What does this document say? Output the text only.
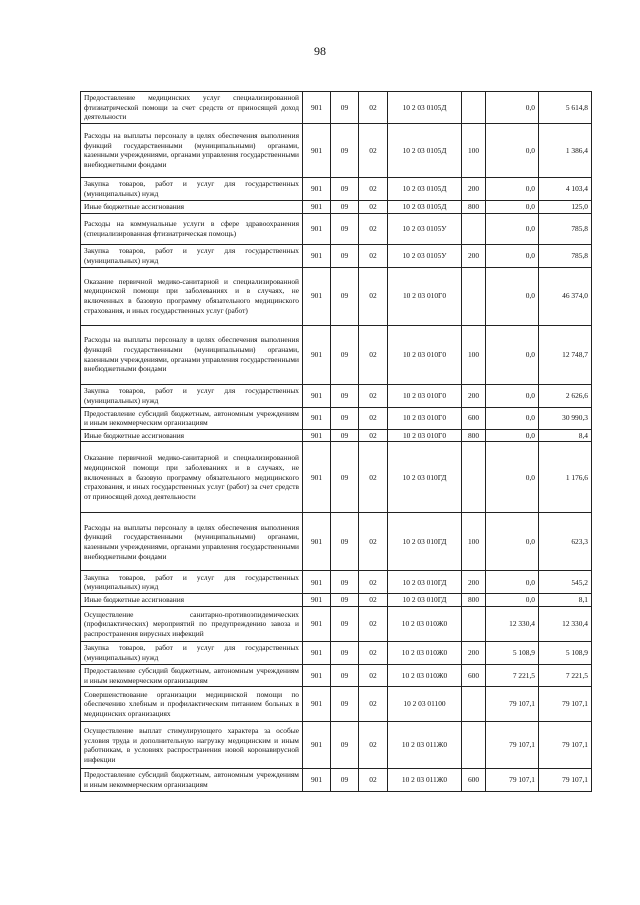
98
Предоставление медицинских услуг специализированной фтизиатрической помощи за счет средств от приносящей доход деятельности	901	09	02	10 2 03 0105Д		0,0	5 614,8
Расходы на выплаты персоналу в целях обеспечения выполнения функций государственными (муниципальными) органами, казенными учреждениями, органами управления государственными внебюджетными фондами	901	09	02	10 2 03 0105Д	100	0,0	1 386,4
Закупка товаров, работ и услуг для государственных (муниципальных) нужд	901	09	02	10 2 03 0105Д	200	0,0	4 103,4
Иные бюджетные ассигнования	901	09	02	10 2 03 0105Д	800	0,0	125,0
Расходы на коммунальные услуги в сфере здравоохранения (специализированная фтизиатрическая помощь)	901	09	02	10 2 03 0105У		0,0	785,8
Закупка товаров, работ и услуг для государственных (муниципальных) нужд	901	09	02	10 2 03 0105У	200	0,0	785,8
Оказание первичной медико-санитарной и специализированной медицинской помощи при заболеваниях и в случаях, не включенных в базовую программу обязательного медицинского страхования, и иных государственных услуг (работ)	901	09	02	10 2 03 010Г0		0,0	46 374,0
Расходы на выплаты персоналу в целях обеспечения выполнения функций государственными (муниципальными) органами, казенными учреждениями, органами управления государственными внебюджетными фондами	901	09	02	10 2 03 010Г0	100	0,0	12 748,7
Закупка товаров, работ и услуг для государственных (муниципальных) нужд	901	09	02	10 2 03 010Г0	200	0,0	2 626,6
Предоставление субсидий бюджетным, автономным учреждениям и иным некоммерческим организациям	901	09	02	10 2 03 010Г0	600	0,0	30 990,3
Иные бюджетные ассигнования	901	09	02	10 2 03 010Г0	800	0,0	8,4
Оказание первичной медико-санитарной и специализированной медицинской помощи при заболеваниях и в случаях, не включенных в базовую программу обязательного медицинского страхования, и иных государственных услуг (работ) за счет средств от приносящей доход деятельности	901	09	02	10 2 03 010ГД		0,0	1 176,6
Расходы на выплаты персоналу в целях обеспечения выполнения функций государственными (муниципальными) органами, казенными учреждениями, органами управления государственными внебюджетными фондами	901	09	02	10 2 03 010ГД	100	0,0	623,3
Закупка товаров, работ и услуг для государственных (муниципальных) нужд	901	09	02	10 2 03 010ГД	200	0,0	545,2
Иные бюджетные ассигнования	901	09	02	10 2 03 010ГД	800	0,0	8,1
Осуществление санитарно-противоэпидемических (профилактических) мероприятий по предупреждению завоза и распространения вирусных инфекций	901	09	02	10 2 03 010Ж0		12 330,4	12 330,4
Закупка товаров, работ и услуг для государственных (муниципальных) нужд	901	09	02	10 2 03 010Ж0	200	5 108,9	5 108,9
Предоставление субсидий бюджетным, автономным учреждениям и иным некоммерческим организациям	901	09	02	10 2 03 010Ж0	600	7 221,5	7 221,5
Совершенствование организации медицинской помощи по обеспечению хлебным и профилактическим питанием больных в медицинских организациях	901	09	02	10 2 03 01100		79 107,1	79 107,1
Осуществление выплат стимулирующего характера за особые условия труда и дополнительную нагрузку медицинским и иным работникам, в условиях распространения новой коронавирусной инфекции	901	09	02	10 2 03 011Ж0		79 107,1	79 107,1
Предоставление субсидий бюджетным, автономным учреждениям и иным некоммерческим организациям	901	09	02	10 2 03 011Ж0	600	79 107,1	79 107,1
